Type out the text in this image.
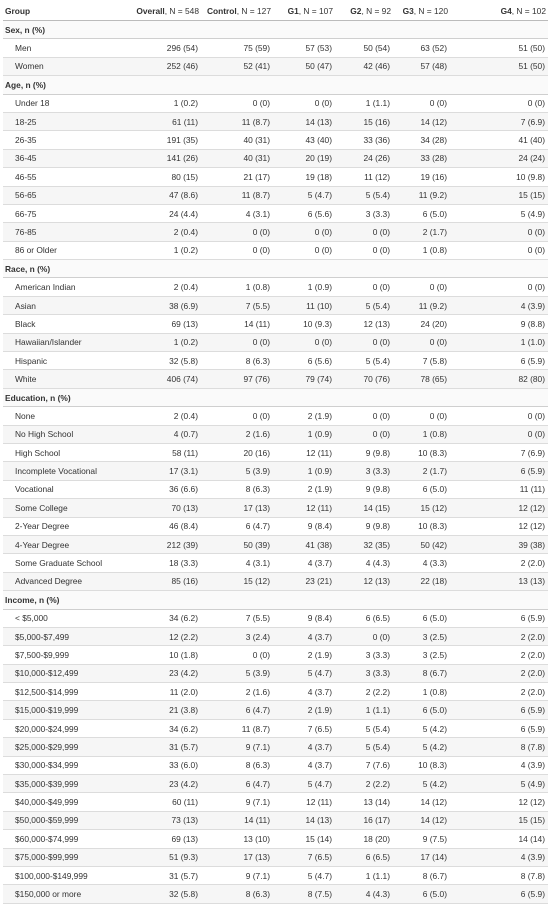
Group	Overall, N = 548	Control, N = 127	G1, N = 107	G2, N = 92	G3, N = 120	G4, N = 102
Sex, n (%)						
Men	296 (54)	75 (59)	57 (53)	50 (54)	63 (52)	51 (50)
Women	252 (46)	52 (41)	50 (47)	42 (46)	57 (48)	51 (50)
Age, n (%)						
Under 18	1 (0.2)	0 (0)	0 (0)	1 (1.1)	0 (0)	0 (0)
18-25	61 (11)	11 (8.7)	14 (13)	15 (16)	14 (12)	7 (6.9)
26-35	191 (35)	40 (31)	43 (40)	33 (36)	34 (28)	41 (40)
36-45	141 (26)	40 (31)	20 (19)	24 (26)	33 (28)	24 (24)
46-55	80 (15)	21 (17)	19 (18)	11 (12)	19 (16)	10 (9.8)
56-65	47 (8.6)	11 (8.7)	5 (4.7)	5 (5.4)	11 (9.2)	15 (15)
66-75	24 (4.4)	4 (3.1)	6 (5.6)	3 (3.3)	6 (5.0)	5 (4.9)
76-85	2 (0.4)	0 (0)	0 (0)	0 (0)	2 (1.7)	0 (0)
86 or Older	1 (0.2)	0 (0)	0 (0)	0 (0)	1 (0.8)	0 (0)
Race, n (%)						
American Indian	2 (0.4)	1 (0.8)	1 (0.9)	0 (0)	0 (0)	0 (0)
Asian	38 (6.9)	7 (5.5)	11 (10)	5 (5.4)	11 (9.2)	4 (3.9)
Black	69 (13)	14 (11)	10 (9.3)	12 (13)	24 (20)	9 (8.8)
Hawaiian/Islander	1 (0.2)	0 (0)	0 (0)	0 (0)	0 (0)	1 (1.0)
Hispanic	32 (5.8)	8 (6.3)	6 (5.6)	5 (5.4)	7 (5.8)	6 (5.9)
White	406 (74)	97 (76)	79 (74)	70 (76)	78 (65)	82 (80)
Education, n (%)						
None	2 (0.4)	0 (0)	2 (1.9)	0 (0)	0 (0)	0 (0)
No High School	4 (0.7)	2 (1.6)	1 (0.9)	0 (0)	1 (0.8)	0 (0)
High School	58 (11)	20 (16)	12 (11)	9 (9.8)	10 (8.3)	7 (6.9)
Incomplete Vocational	17 (3.1)	5 (3.9)	1 (0.9)	3 (3.3)	2 (1.7)	6 (5.9)
Vocational	36 (6.6)	8 (6.3)	2 (1.9)	9 (9.8)	6 (5.0)	11 (11)
Some College	70 (13)	17 (13)	12 (11)	14 (15)	15 (12)	12 (12)
2-Year Degree	46 (8.4)	6 (4.7)	9 (8.4)	9 (9.8)	10 (8.3)	12 (12)
4-Year Degree	212 (39)	50 (39)	41 (38)	32 (35)	50 (42)	39 (38)
Some Graduate School	18 (3.3)	4 (3.1)	4 (3.7)	4 (4.3)	4 (3.3)	2 (2.0)
Advanced Degree	85 (16)	15 (12)	23 (21)	12 (13)	22 (18)	13 (13)
Income, n (%)						
< $5,000	34 (6.2)	7 (5.5)	9 (8.4)	6 (6.5)	6 (5.0)	6 (5.9)
$5,000-$7,499	12 (2.2)	3 (2.4)	4 (3.7)	0 (0)	3 (2.5)	2 (2.0)
$7,500-$9,999	10 (1.8)	0 (0)	2 (1.9)	3 (3.3)	3 (2.5)	2 (2.0)
$10,000-$12,499	23 (4.2)	5 (3.9)	5 (4.7)	3 (3.3)	8 (6.7)	2 (2.0)
$12,500-$14,999	11 (2.0)	2 (1.6)	4 (3.7)	2 (2.2)	1 (0.8)	2 (2.0)
$15,000-$19,999	21 (3.8)	6 (4.7)	2 (1.9)	1 (1.1)	6 (5.0)	6 (5.9)
$20,000-$24,999	34 (6.2)	11 (8.7)	7 (6.5)	5 (5.4)	5 (4.2)	6 (5.9)
$25,000-$29,999	31 (5.7)	9 (7.1)	4 (3.7)	5 (5.4)	5 (4.2)	8 (7.8)
$30,000-$34,999	33 (6.0)	8 (6.3)	4 (3.7)	7 (7.6)	10 (8.3)	4 (3.9)
$35,000-$39,999	23 (4.2)	6 (4.7)	5 (4.7)	2 (2.2)	5 (4.2)	5 (4.9)
$40,000-$49,999	60 (11)	9 (7.1)	12 (11)	13 (14)	14 (12)	12 (12)
$50,000-$59,999	73 (13)	14 (11)	14 (13)	16 (17)	14 (12)	15 (15)
$60,000-$74,999	69 (13)	13 (10)	15 (14)	18 (20)	9 (7.5)	14 (14)
$75,000-$99,999	51 (9.3)	17 (13)	7 (6.5)	6 (6.5)	17 (14)	4 (3.9)
$100,000-$149,999	31 (5.7)	9 (7.1)	5 (4.7)	1 (1.1)	8 (6.7)	8 (7.8)
$150,000 or more	32 (5.8)	8 (6.3)	8 (7.5)	4 (4.3)	6 (5.0)	6 (5.9)
